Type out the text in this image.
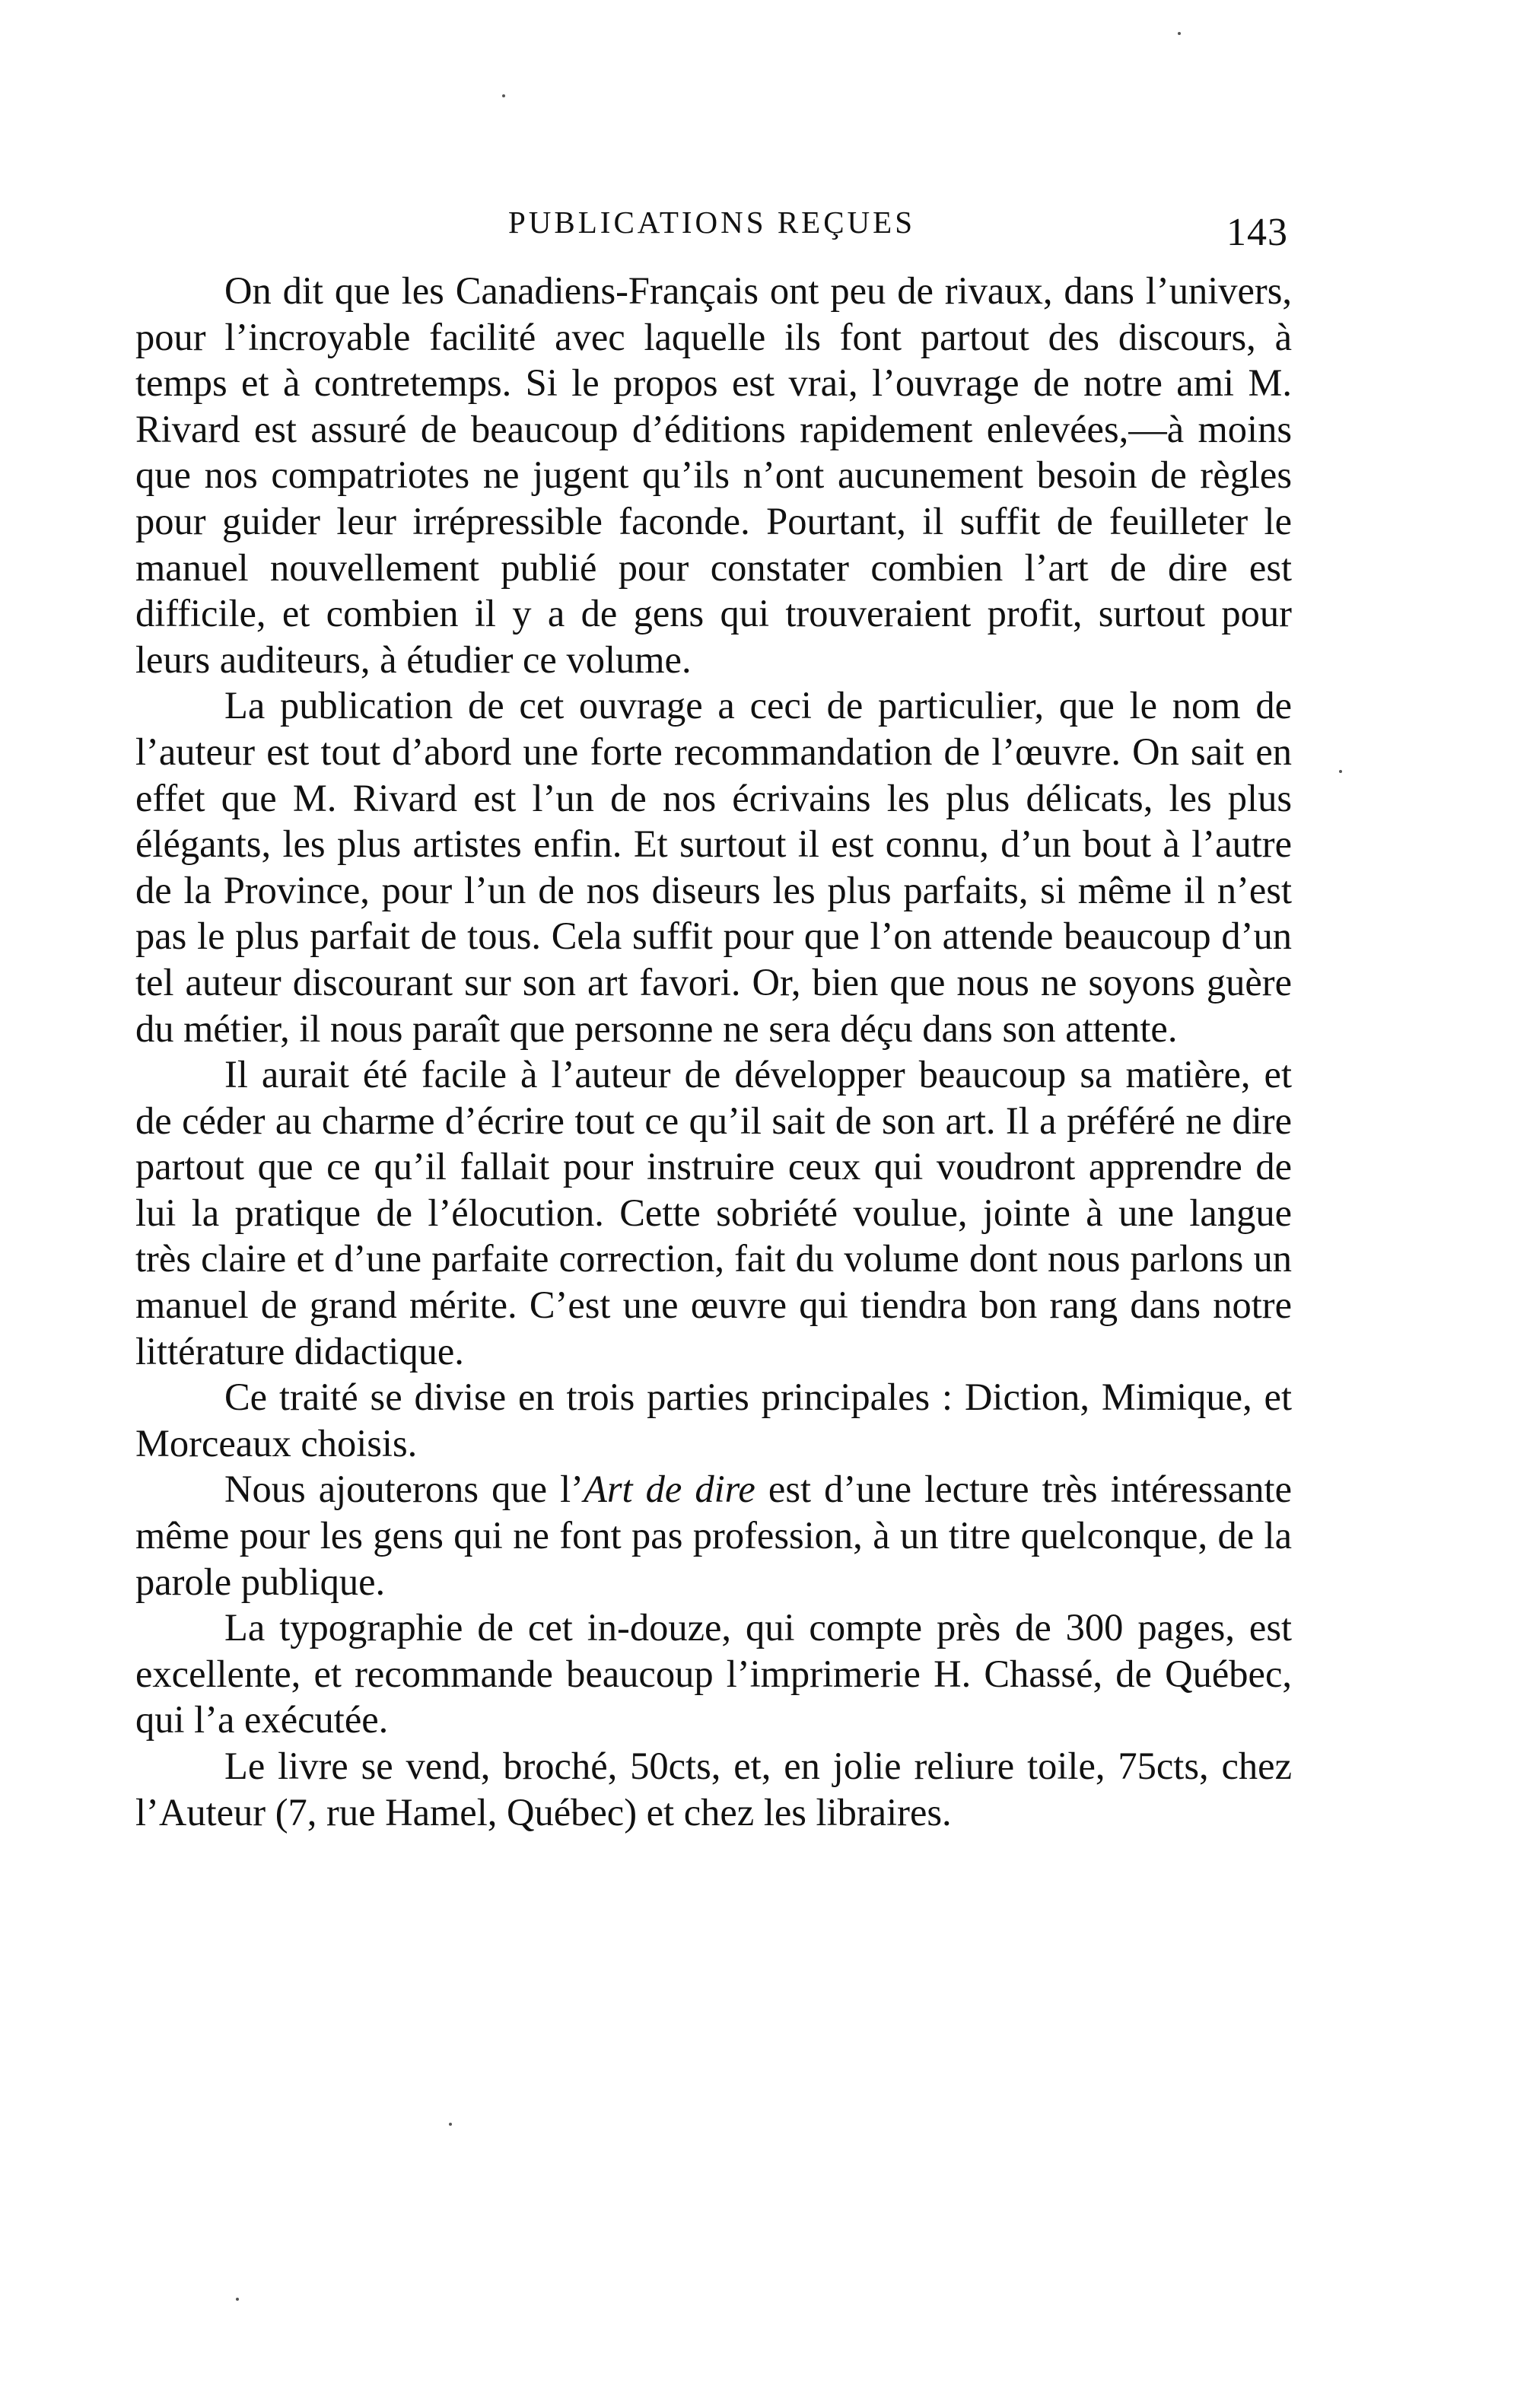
PUBLICATIONS REÇUES	143

On dit que les Canadiens-Français ont peu de rivaux, dans l’univers, pour l’incroyable facilité avec laquelle ils font partout des discours, à temps et à contretemps. Si le propos est vrai, l’ouvrage de notre ami M. Rivard est assuré de beaucoup d’éditions rapidement enlevées,—à moins que nos compatriotes ne jugent qu’ils n’ont aucunement besoin de règles pour guider leur irrépressible faconde. Pourtant, il suffit de feuilleter le manuel nouvellement publié pour constater combien l’art de dire est difficile, et combien il y a de gens qui trouveraient profit, surtout pour leurs auditeurs, à étudier ce volume.

La publication de cet ouvrage a ceci de particulier, que le nom de l’auteur est tout d’abord une forte recommandation de l’œuvre. On sait en effet que M. Rivard est l’un de nos écrivains les plus délicats, les plus élégants, les plus artistes enfin. Et surtout il est connu, d’un bout à l’autre de la Province, pour l’un de nos diseurs les plus parfaits, si même il n’est pas le plus parfait de tous. Cela suffit pour que l’on attende beaucoup d’un tel auteur discourant sur son art favori. Or, bien que nous ne soyons guère du métier, il nous paraît que personne ne sera déçu dans son attente.

Il aurait été facile à l’auteur de développer beaucoup sa matière, et de céder au charme d’écrire tout ce qu’il sait de son art. Il a préféré ne dire partout que ce qu’il fallait pour instruire ceux qui voudront apprendre de lui la pratique de l’élocution. Cette sobriété voulue, jointe à une langue très claire et d’une parfaite correction, fait du volume dont nous parlons un manuel de grand mérite. C’est une œuvre qui tiendra bon rang dans notre littérature didactique.

Ce traité se divise en trois parties principales : Diction, Mimique, et Morceaux choisis.

Nous ajouterons que l’Art de dire est d’une lecture très intéressante même pour les gens qui ne font pas profession, à un titre quelconque, de la parole publique.

La typographie de cet in-douze, qui compte près de 300 pages, est excellente, et recommande beaucoup l’imprimerie H. Chassé, de Québec, qui l’a exécutée.

Le livre se vend, broché, 50cts, et, en jolie reliure toile, 75cts, chez l’Auteur (7, rue Hamel, Québec) et chez les libraires.
